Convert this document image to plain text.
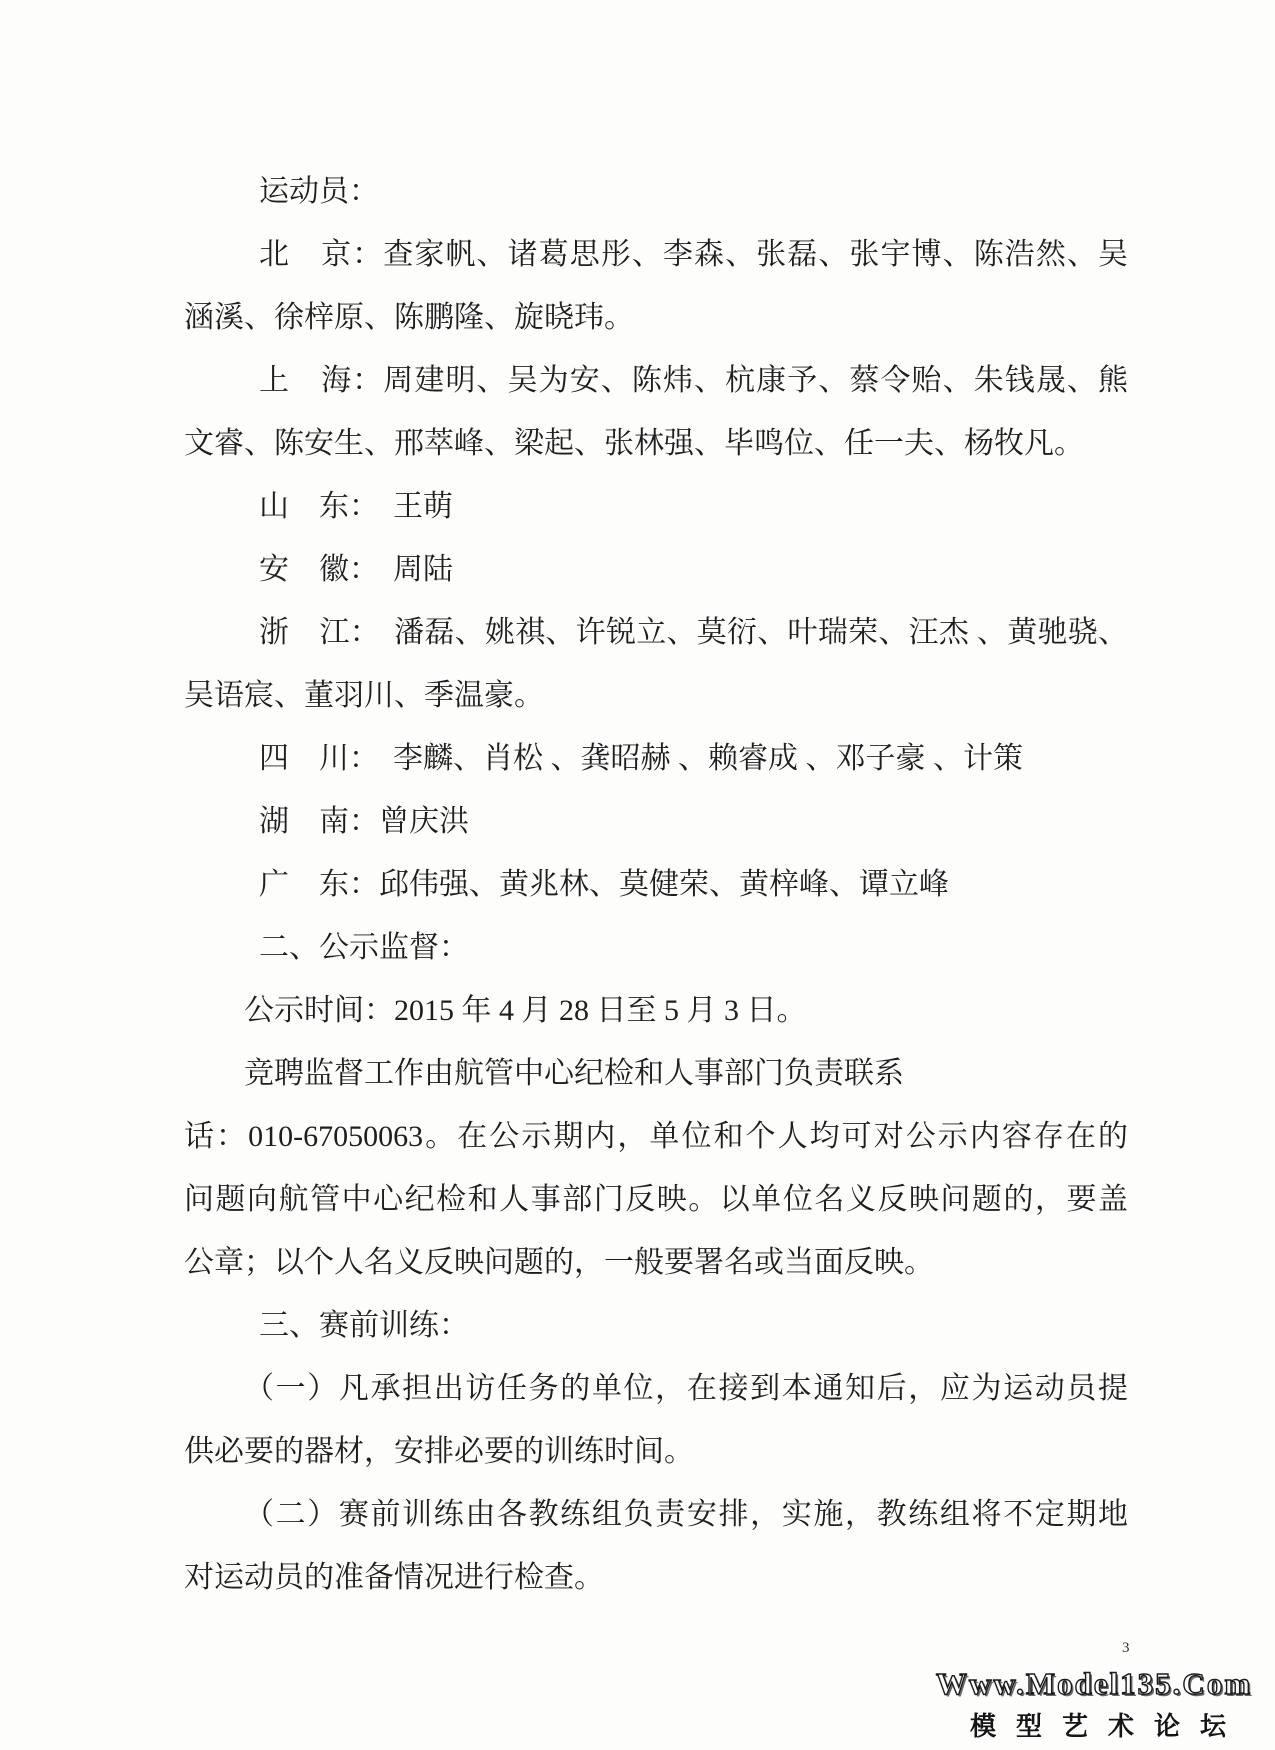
运动员：
北　京：查家帆、诸葛思彤、李森、张磊、张宇博、陈浩然、吴
涵溪、徐梓原、陈鹏隆、旋晓玮。
上　海：周建明、吴为安、陈炜、杭康予、蔡令贻、朱钱晟、熊
文睿、陈安生、邢萃峰、梁起、张林强、毕鸣位、任一夫、杨牧凡。
山　东： 王萌
安　徽： 周陆
浙　江： 潘磊、姚祺、许锐立、莫衍、叶瑞荣、汪杰 、黄驰骁、
吴语宸、董羽川、季温豪。
四　川： 李麟、肖松 、龚昭赫 、赖睿成 、邓子豪 、计策
湖　南：曾庆洪
广　东：邱伟强、黄兆林、莫健荣、黄梓峰、谭立峰
二、公示监督：
公示时间：2015 年 4 月 28 日至 5 月 3 日。
竞聘监督工作由航管中心纪检和人事部门负责联系
话：010-67050063。在公示期内，单位和个人均可对公示内容存在的
问题向航管中心纪检和人事部门反映。以单位名义反映问题的，要盖
公章；以个人名义反映问题的，一般要署名或当面反映。
三、赛前训练：
（一）凡承担出访任务的单位，在接到本通知后，应为运动员提
供必要的器材，安排必要的训练时间。
（二）赛前训练由各教练组负责安排，实施，教练组将不定期地
对运动员的准备情况进行检查。
3
Www.Model135.Com
模型艺术论坛
